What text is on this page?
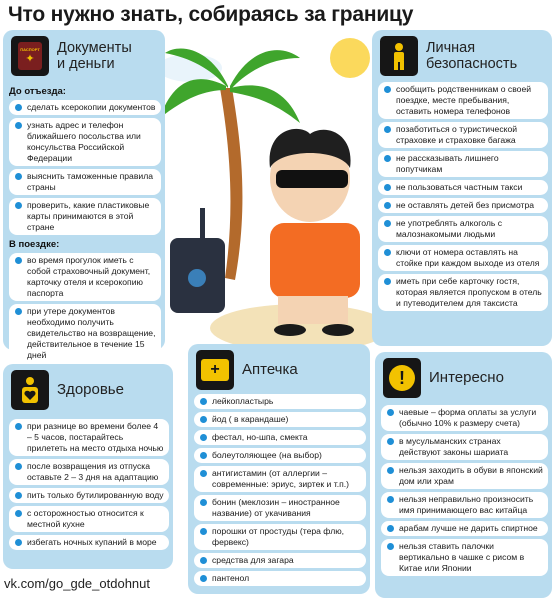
Что нужно знать, собираясь за границу
ПАСПОРТ
✦
Документы
и деньги
До отъезда:
сделать ксерокопии документов
узнать адрес и телефон ближайшего посольства или консульства Российской Федерации
выяснить таможенные правила страны
проверить, какие пластиковые карты принимаются в этой стране
В поездке:
во время прогулок иметь с собой страховочный документ, карточку отеля и ксерокопию паспорта
при утере документов необходимо получить свидетельство на возвращение, действительное в течение 15 дней
Личная
безопасность
сообщить родственникам о своей поездке, месте пребывания, оставить номера телефонов
позаботиться о туристической страховке и страховке багажа
не рассказывать лишнего попутчикам
не пользоваться частным такси
не оставлять детей без присмотра
не употреблять алкоголь с малознакомыми людьми
ключи от номера оставлять на стойке при каждом выходе из отеля
иметь при себе карточку гостя, которая является пропуском в отель и путеводителем для таксиста
Здоровье
при разнице во времени более 4 – 5 часов, постарайтесь прилететь на место отдыха ночью
после возвращения из отпуска оставьте 2 – 3 дня на адаптацию
пить только бутилированную воду
с осторожностью относится к местной кухне
избегать ночных купаний в море
+ Аптечка
лейкопластырь
йод ( в карандаше)
фестал, но-шпа, смекта
болеутоляющее (на выбор)
антигистамин (от аллергии – современные: эриус, зиртек и т.п.)
бонин (меклозин – иностранное название) от укачивания
порошки от простуды (тера флю, фервекс)
средства для загара
пантенол
! Интересно
чаевые – форма оплаты за услуги (обычно 10% к размеру счета)
в мусульманских странах действуют законы шариата
нельзя заходить в обуви в японский дом или храм
нельзя неправильно произносить имя принимающего вас китайца
арабам лучше не дарить спиртное
нельзя ставить палочки вертикально в чашке с рисом в Китае или Японии
vk.com/go_gde_otdohnut
